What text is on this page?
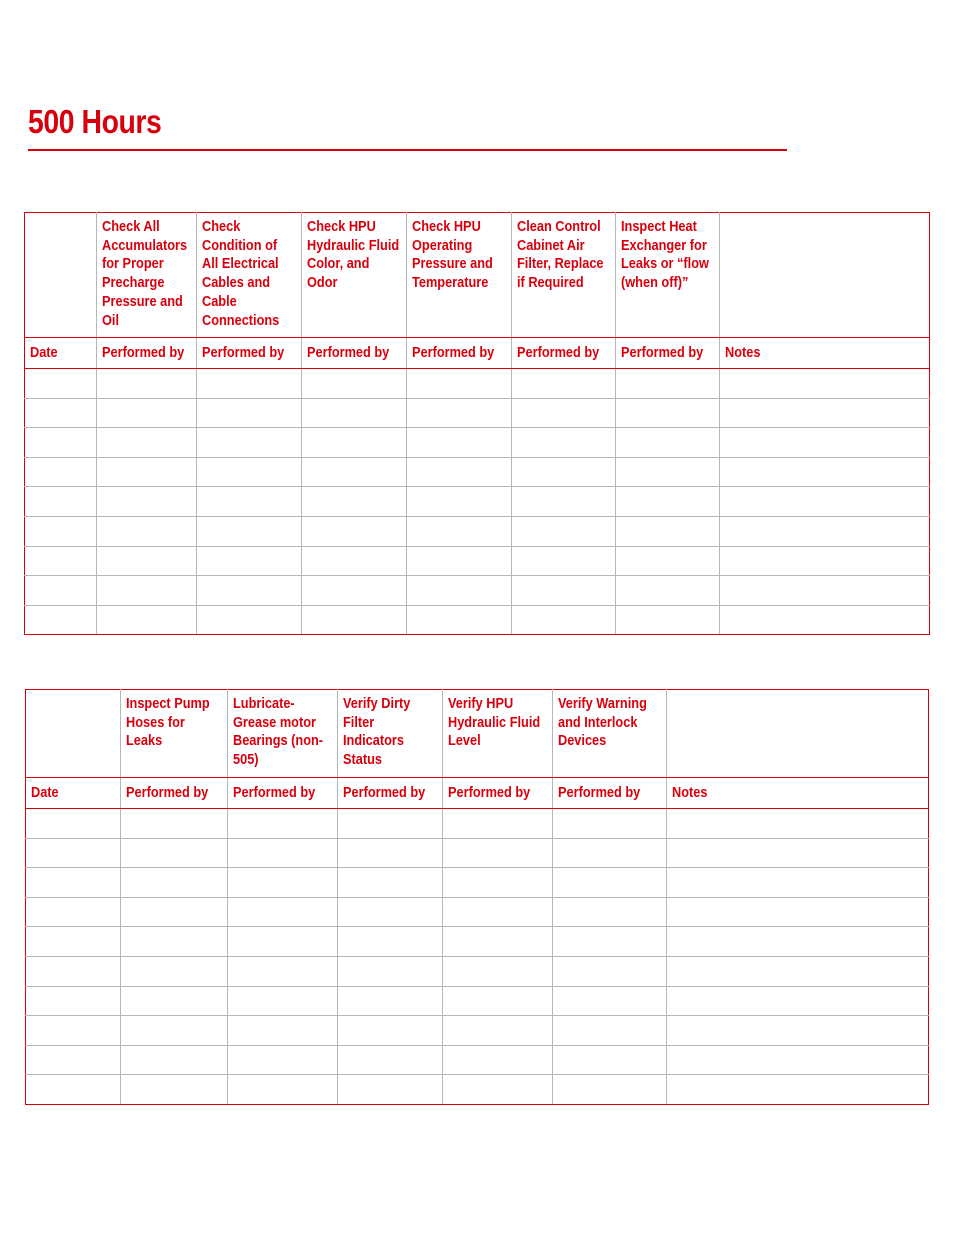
500 Hours

	Check All Accumulators for Proper Precharge Pressure and Oil	Check Condition of All Electrical Cables and Cable Connections	Check HPU Hydraulic Fluid Color, and Odor	Check HPU Operating Pressure and Temperature	Clean Control Cabinet Air Filter, Replace if Required	Inspect Heat Exchanger for Leaks or “flow (when off)”	

Date	Performed by	Performed by	Performed by	Performed by	Performed by	Performed by	Notes

	Inspect Pump Hoses for Leaks	Lubricate-Grease motor Bearings (non-505)	Verify Dirty Filter Indicators Status	Verify HPU Hydraulic Fluid Level	Verify Warning and Interlock Devices	

Date	Performed by	Performed by	Performed by	Performed by	Performed by	Notes
